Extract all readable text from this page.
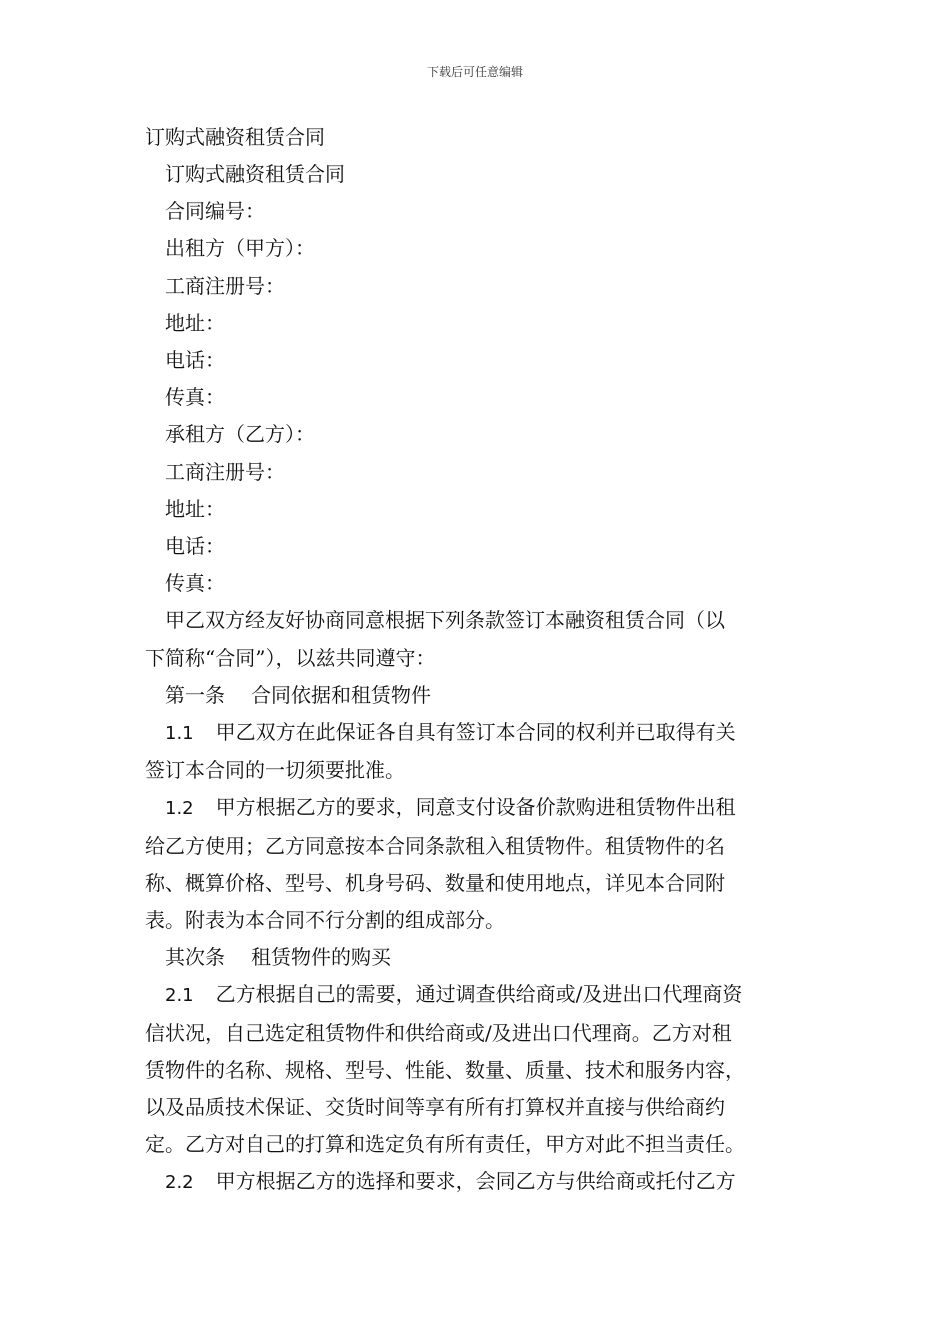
下载后可任意编辑
订购式融资租赁合同
订购式融资租赁合同
合同编号：
出租方（甲方）：
工商注册号：
地址：
电话：
传真：
承租方（乙方）：
工商注册号：
地址：
电话：
传真：
甲乙双方经友好协商同意根据下列条款签订本融资租赁合同（以
下简称“合同”），以兹共同遵守：
第一条 合同依据和租赁物件
1.1 甲乙双方在此保证各自具有签订本合同的权利并已取得有关
签订本合同的一切须要批准。
1.2 甲方根据乙方的要求，同意支付设备价款购进租赁物件出租
给乙方使用；乙方同意按本合同条款租入租赁物件。租赁物件的名
称、概算价格、型号、机身号码、数量和使用地点，详见本合同附
表。附表为本合同不行分割的组成部分。
其次条 租赁物件的购买
2.1 乙方根据自己的需要，通过调查供给商或/及进出口代理商资
信状况，自己选定租赁物件和供给商或/及进出口代理商。乙方对租
赁物件的名称、规格、型号、性能、数量、质量、技术和服务内容，
以及品质技术保证、交货时间等享有所有打算权并直接与供给商约
定。乙方对自己的打算和选定负有所有责任，甲方对此不担当责任。
2.2 甲方根据乙方的选择和要求，会同乙方与供给商或托付乙方
